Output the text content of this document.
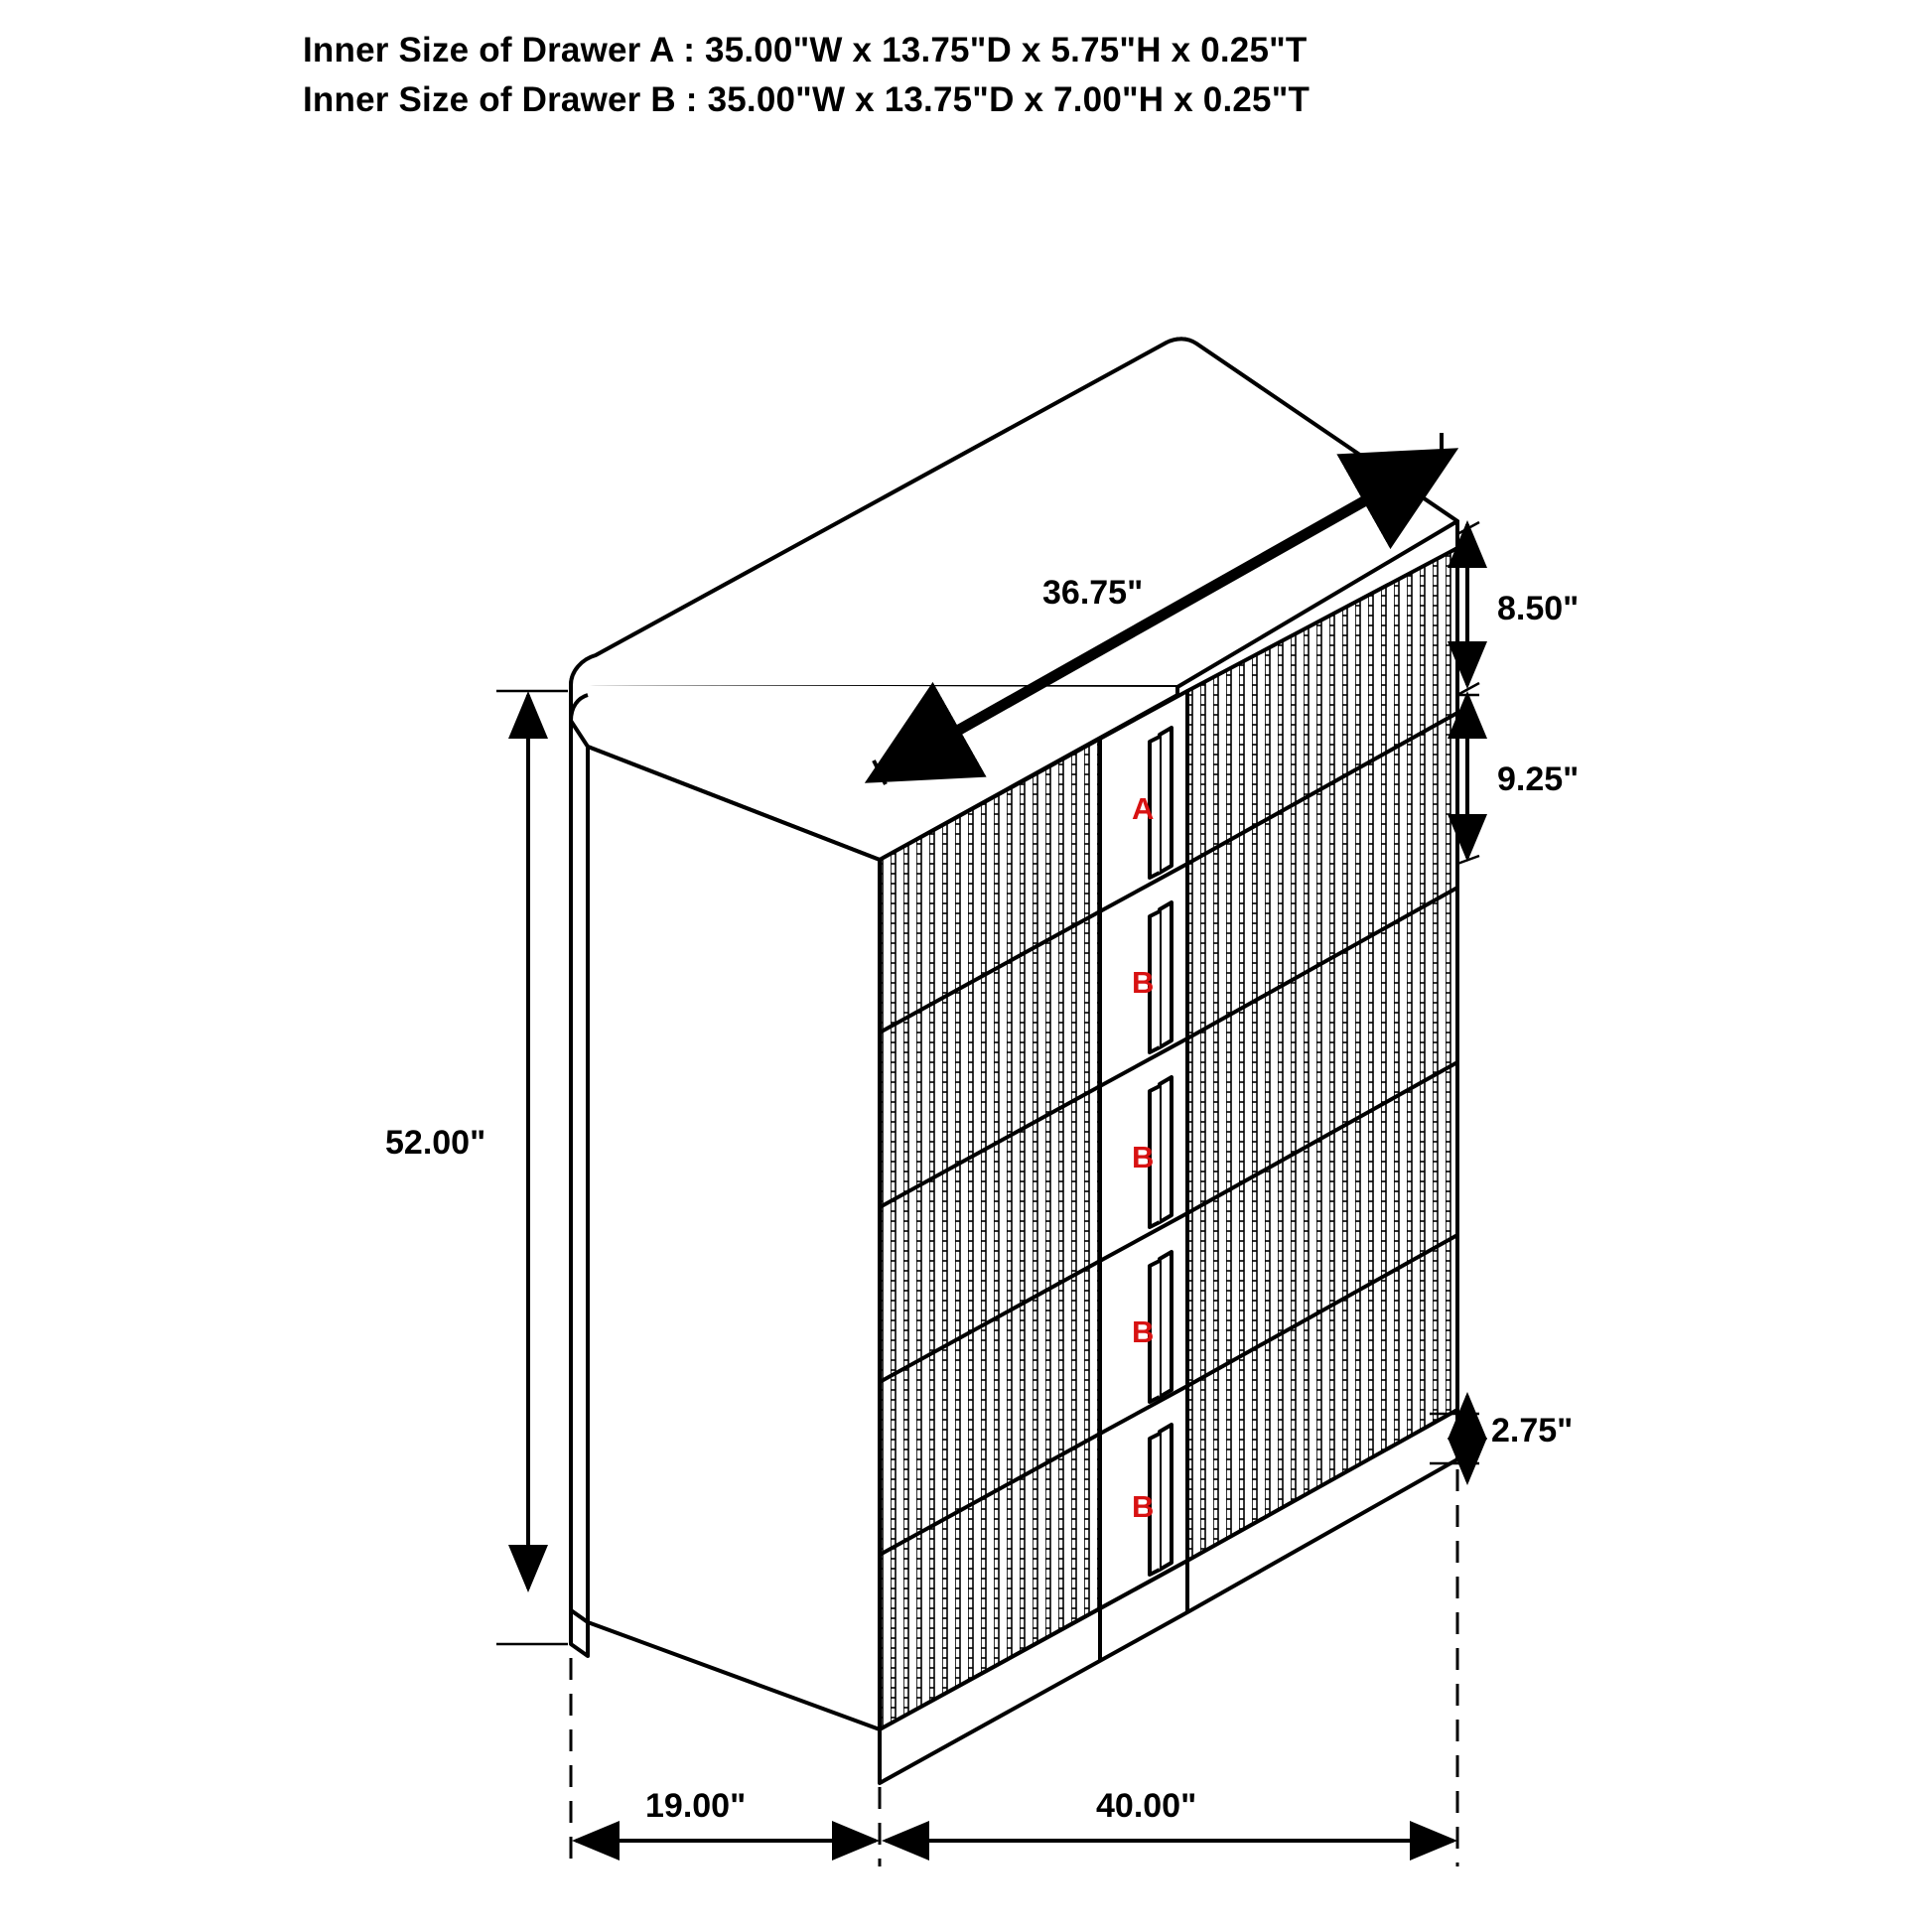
Inner Size of Drawer A : 35.00"W x 13.75"D x 5.75"H x 0.25"T
Inner Size of Drawer B : 35.00"W x 13.75"D x 7.00"H x 0.25"T
36.75"	8.50"
9.25"
2.75"
52.00"
19.00"	40.00"
A
B
B
B
B
